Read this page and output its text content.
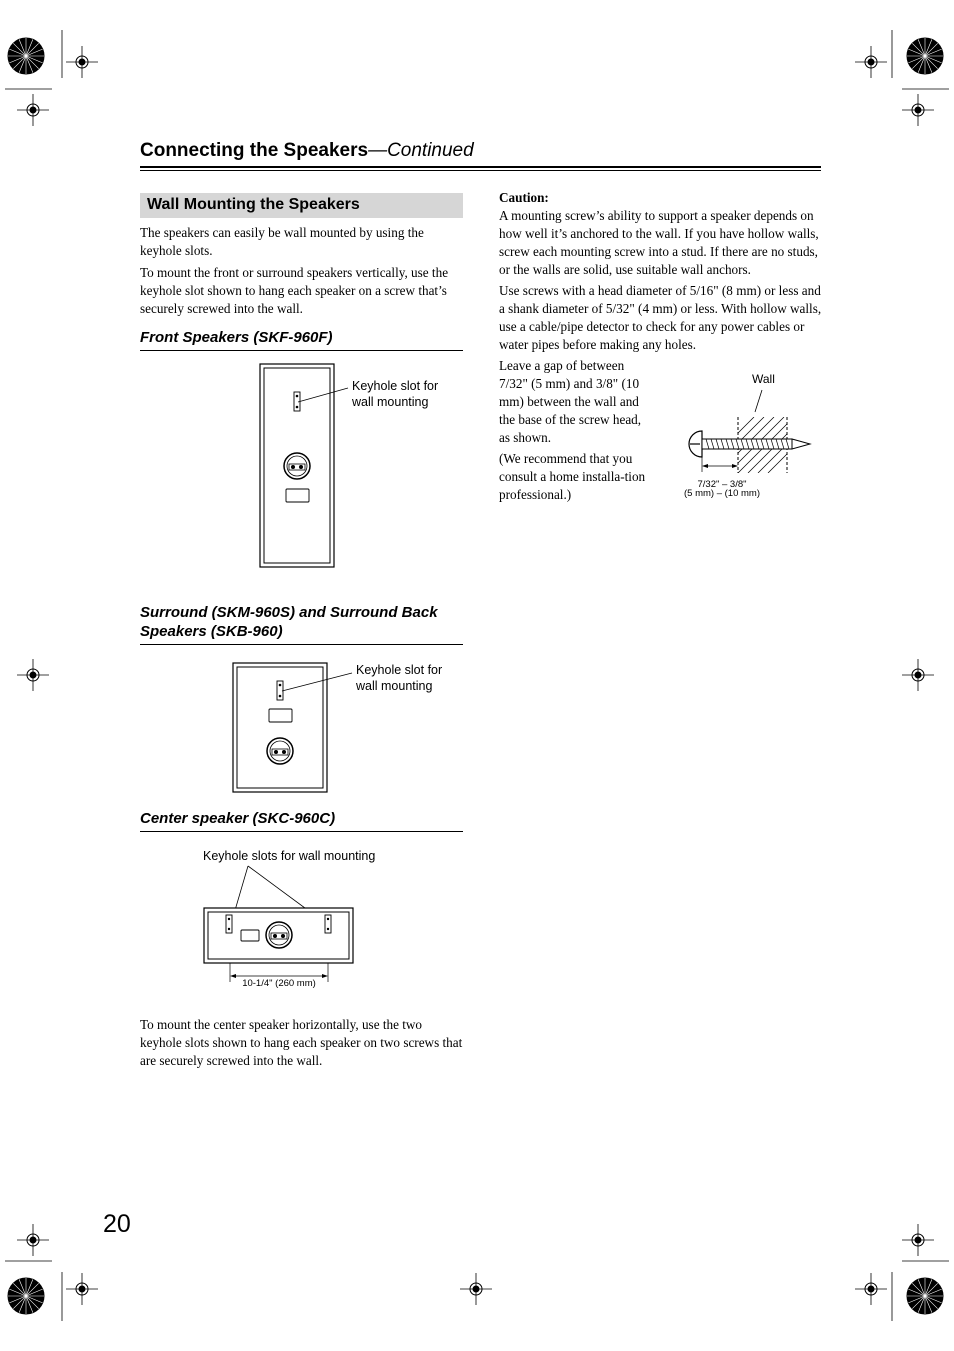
Connecting the Speakers—Continued
Wall Mounting the Speakers
The speakers can easily be wall mounted by using the keyhole slots.
To mount the front or surround speakers vertically, use the keyhole slot shown to hang each speaker on a screw that’s securely screwed into the wall.
Front Speakers (SKF-960F)
Keyhole slot for wall mounting
Surround (SKM-960S) and Surround Back Speakers (SKB-960)
Keyhole slot for wall mounting
Center speaker (SKC-960C)
Keyhole slots for wall mounting
10-1/4" (260 mm)
To mount the center speaker horizontally, use the two keyhole slots shown to hang each speaker on two screws that are securely screwed into the wall.
Caution:
A mounting screw’s ability to support a speaker depends on how well it’s anchored to the wall. If you have hollow walls, screw each mounting screw into a stud. If there are no studs, or the walls are solid, use suitable wall anchors.
Use screws with a head diameter of 5/16" (8 mm) or less and a shank diameter of 5/32" (4 mm) or less. With hollow walls, use a cable/pipe detector to check for any power cables or water pipes before making any holes.
Leave a gap of between 7/32" (5 mm) and 3/8" (10 mm) between the wall and the base of the screw head, as shown.
(We recommend that you consult a home installa-tion professional.)
Wall
7/32" – 3/8"
(5 mm) – (10 mm)
20
